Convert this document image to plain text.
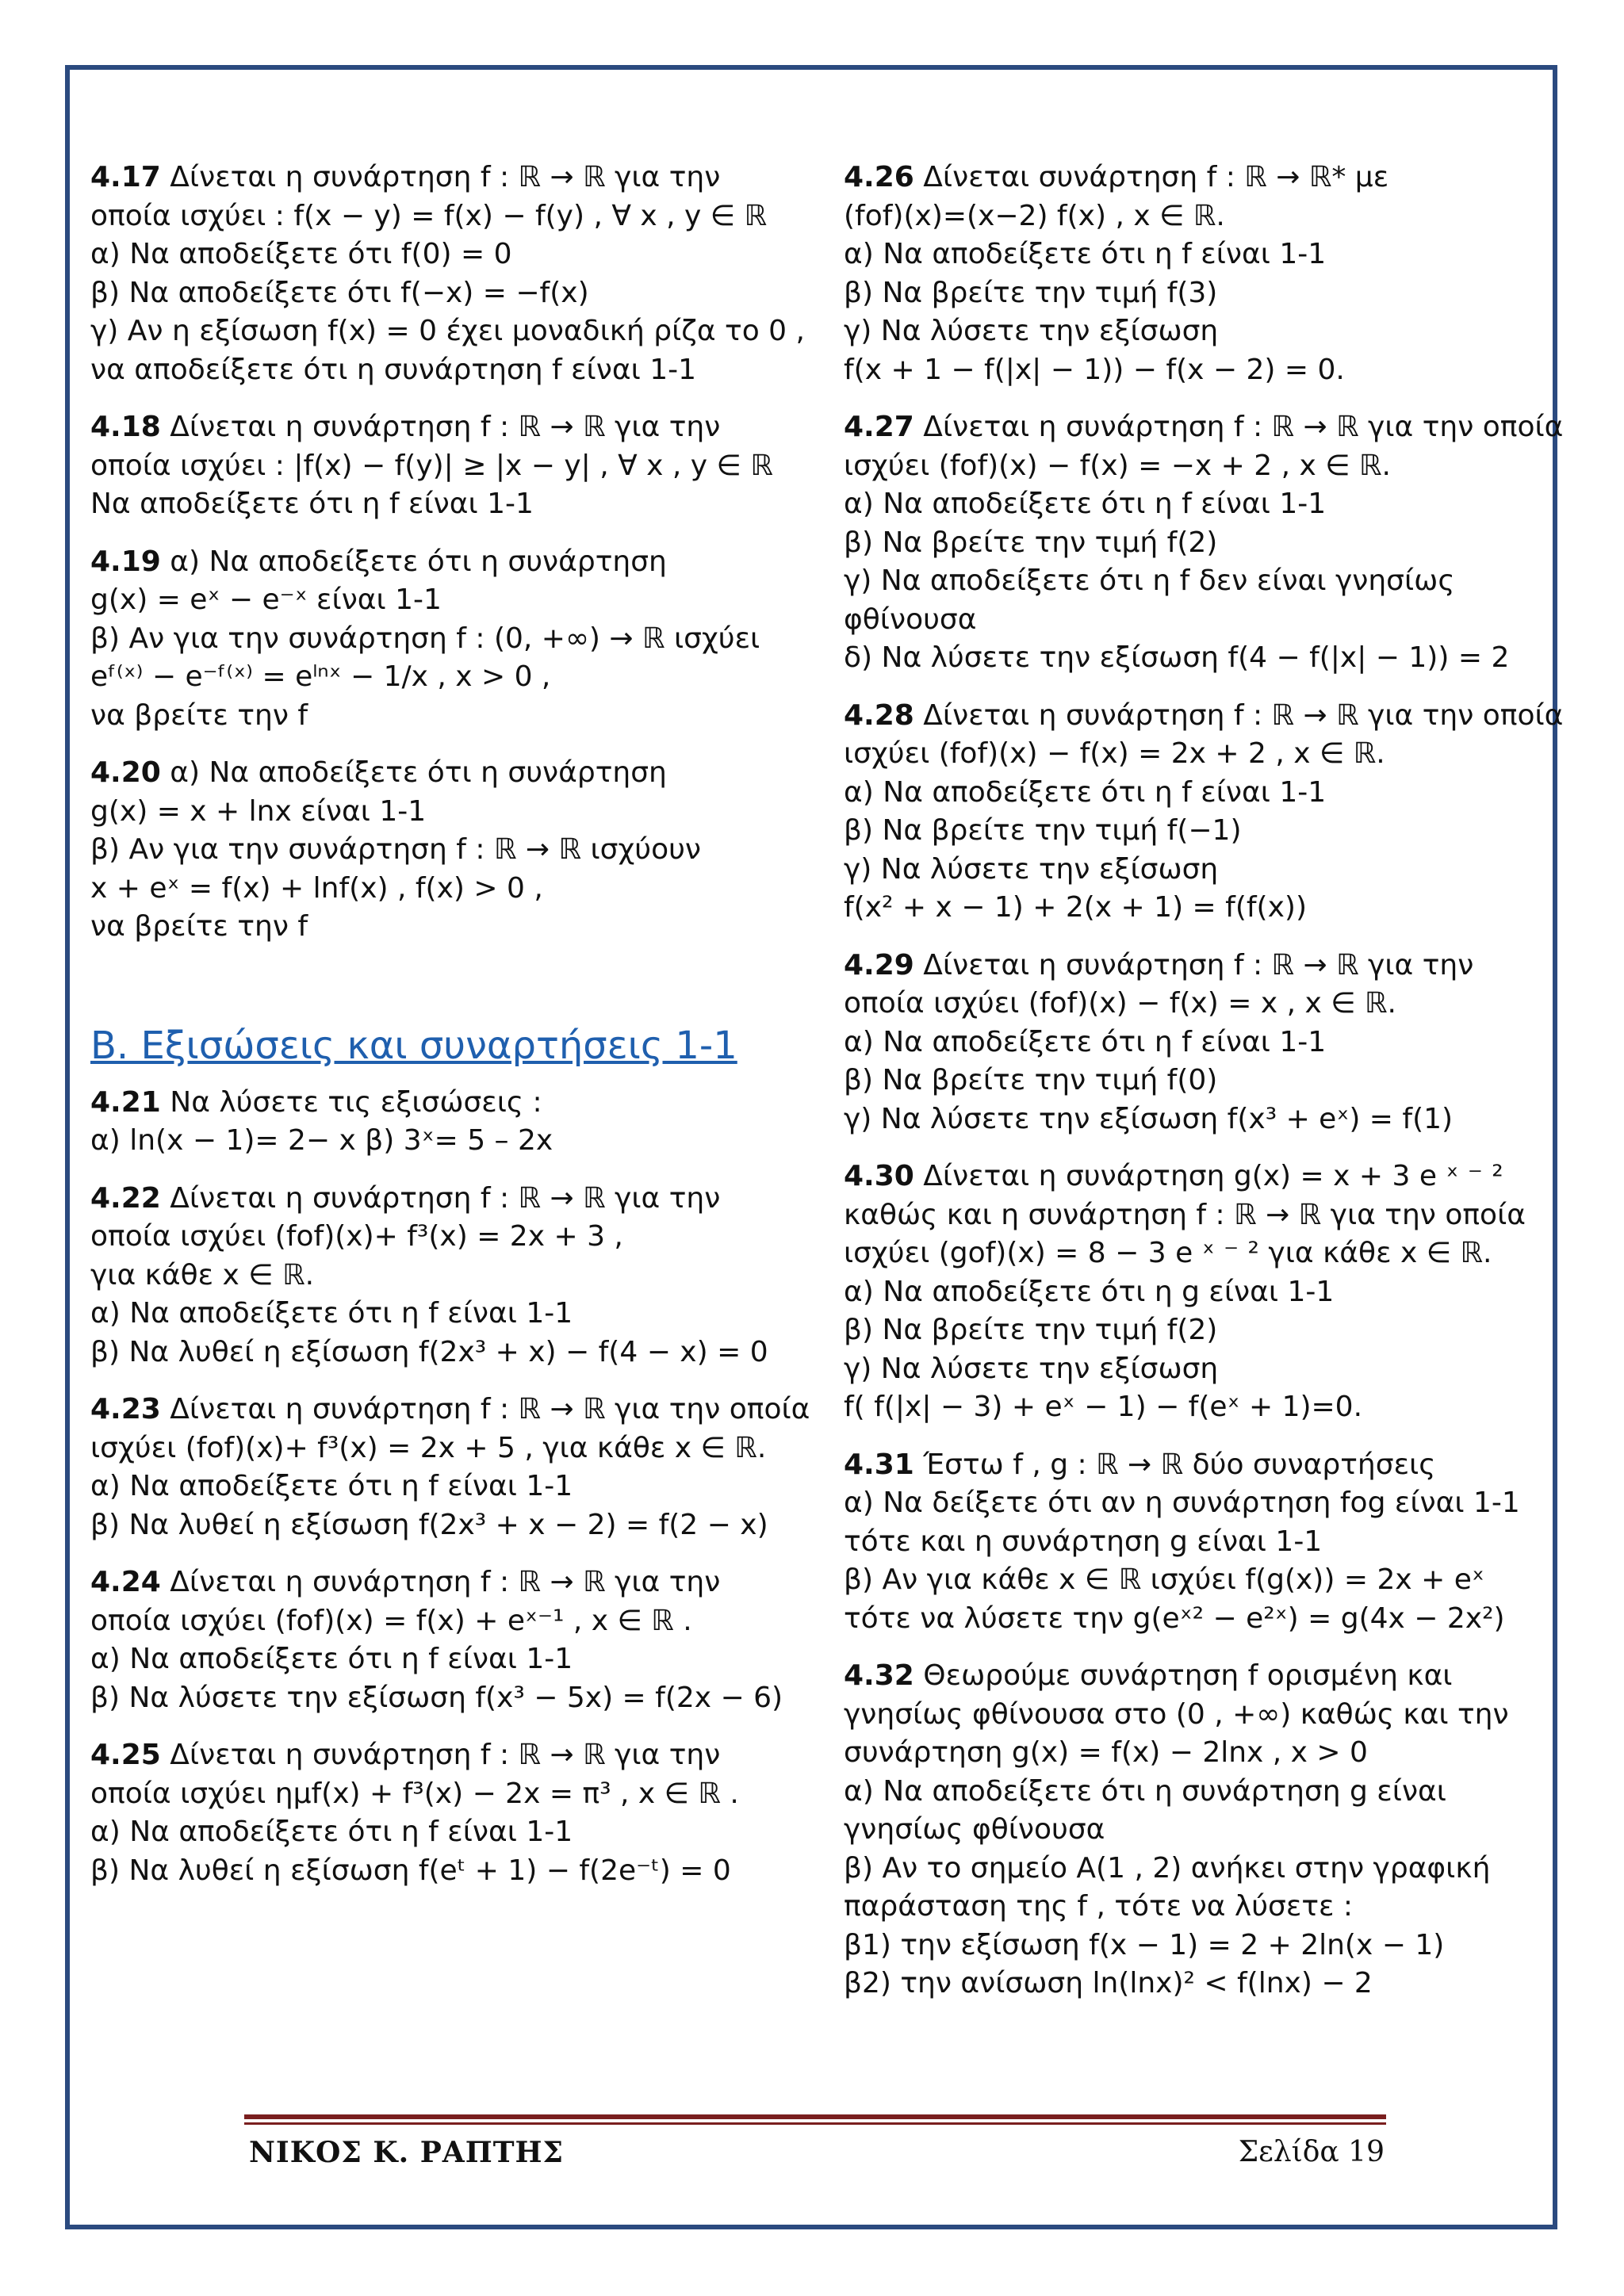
4.17 Δίνεται η συνάρτηση f : ℝ → ℝ για την
οποία ισχύει : f(x − y) = f(x) − f(y) , ∀ x , y ∈ ℝ
α) Να αποδείξετε ότι f(0) = 0
β) Να αποδείξετε ότι f(−x) = −f(x)
γ) Αν η εξίσωση f(x) = 0 έχει μοναδική ρίζα το 0 ,
να αποδείξετε ότι η συνάρτηση f είναι 1-1
4.18 Δίνεται η συνάρτηση f : ℝ → ℝ για την
οποία ισχύει : |f(x) − f(y)| ≥ |x − y| , ∀ x , y ∈ ℝ
Να αποδείξετε ότι η f είναι 1-1
4.19 α) Να αποδείξετε ότι η συνάρτηση
g(x) = eˣ − e⁻ˣ είναι 1-1
β) Αν για την συνάρτηση f : (0, +∞) → ℝ ισχύει
eᶠ⁽ˣ⁾ − e⁻ᶠ⁽ˣ⁾ = eˡⁿˣ − 1/x , x > 0 ,
να βρείτε την f
4.20 α) Να αποδείξετε ότι η συνάρτηση
g(x) = x + lnx είναι 1-1
β) Αν για την συνάρτηση f : ℝ → ℝ ισχύουν
x + eˣ = f(x) + lnf(x) , f(x) > 0 ,
να βρείτε την f
Β. Εξισώσεις και συναρτήσεις 1-1
4.21 Να λύσετε τις εξισώσεις :
α) ln(x − 1)= 2− x β) 3ˣ= 5 – 2x
4.22 Δίνεται η συνάρτηση f : ℝ → ℝ για την
οποία ισχύει (fof)(x)+ f³(x) = 2x + 3 ,
για κάθε x ∈ ℝ.
α) Να αποδείξετε ότι η f είναι 1-1
β) Να λυθεί η εξίσωση f(2x³ + x) − f(4 − x) = 0
4.23 Δίνεται η συνάρτηση f : ℝ → ℝ για την οποία
ισχύει (fof)(x)+ f³(x) = 2x + 5 , για κάθε x ∈ ℝ.
α) Να αποδείξετε ότι η f είναι 1-1
β) Να λυθεί η εξίσωση f(2x³ + x − 2) = f(2 − x)
4.24 Δίνεται η συνάρτηση f : ℝ → ℝ για την
οποία ισχύει (fof)(x) = f(x) + eˣ⁻¹ , x ∈ ℝ .
α) Να αποδείξετε ότι η f είναι 1-1
β) Να λύσετε την εξίσωση f(x³ − 5x) = f(2x − 6)
4.25 Δίνεται η συνάρτηση f : ℝ → ℝ για την
οποία ισχύει ημf(x) + f³(x) − 2x = π³ , x ∈ ℝ .
α) Να αποδείξετε ότι η f είναι 1-1
β) Να λυθεί η εξίσωση f(eᵗ + 1) − f(2e⁻ᵗ) = 0
4.26 Δίνεται συνάρτηση f : ℝ → ℝ* με
(fof)(x)=(x−2) f(x) , x ∈ ℝ.
α) Να αποδείξετε ότι η f είναι 1-1
β) Να βρείτε την τιμή f(3)
γ) Να λύσετε την εξίσωση
f(x + 1 − f(|x| − 1)) − f(x − 2) = 0.
4.27 Δίνεται η συνάρτηση f : ℝ → ℝ για την οποία
ισχύει (fof)(x) − f(x) = −x + 2 , x ∈ ℝ.
α) Να αποδείξετε ότι η f είναι 1-1
β) Να βρείτε την τιμή f(2)
γ) Να αποδείξετε ότι η f δεν είναι γνησίως
φθίνουσα
δ) Να λύσετε την εξίσωση f(4 − f(|x| − 1)) = 2
4.28 Δίνεται η συνάρτηση f : ℝ → ℝ για την οποία
ισχύει (fof)(x) − f(x) = 2x + 2 , x ∈ ℝ.
α) Να αποδείξετε ότι η f είναι 1-1
β) Να βρείτε την τιμή f(−1)
γ) Να λύσετε την εξίσωση
f(x² + x − 1) + 2(x + 1) = f(f(x))
4.29 Δίνεται η συνάρτηση f : ℝ → ℝ για την
οποία ισχύει (fof)(x) − f(x) = x , x ∈ ℝ.
α) Να αποδείξετε ότι η f είναι 1-1
β) Να βρείτε την τιμή f(0)
γ) Να λύσετε την εξίσωση f(x³ + eˣ) = f(1)
4.30 Δίνεται η συνάρτηση g(x) = x + 3 e ˣ ⁻ ²
καθώς και η συνάρτηση f : ℝ → ℝ για την οποία
ισχύει (gof)(x) = 8 − 3 e ˣ ⁻ ² για κάθε x ∈ ℝ.
α) Να αποδείξετε ότι η g είναι 1-1
β) Να βρείτε την τιμή f(2)
γ) Να λύσετε την εξίσωση
f( f(|x| − 3) + eˣ − 1) − f(eˣ + 1)=0.
4.31 Έστω f , g : ℝ → ℝ δύο συναρτήσεις
α) Να δείξετε ότι αν η συνάρτηση fog είναι 1-1
τότε και η συνάρτηση g είναι 1-1
β) Αν για κάθε x ∈ ℝ ισχύει f(g(x)) = 2x + eˣ
τότε να λύσετε την g(eˣ² − e²ˣ) = g(4x − 2x²)
4.32 Θεωρούμε συνάρτηση f ορισμένη και
γνησίως φθίνουσα στο (0 , +∞) καθώς και την
συνάρτηση g(x) = f(x) − 2lnx , x > 0
α) Να αποδείξετε ότι η συνάρτηση g είναι
γνησίως φθίνουσα
β) Αν το σημείο Α(1 , 2) ανήκει στην γραφική
παράσταση της f , τότε να λύσετε :
β1) την εξίσωση f(x − 1) = 2 + 2ln(x − 1)
β2) την ανίσωση ln(lnx)² < f(lnx) − 2
ΝΙΚΟΣ Κ. ΡΑΠΤΗΣ	Σελίδα 19
